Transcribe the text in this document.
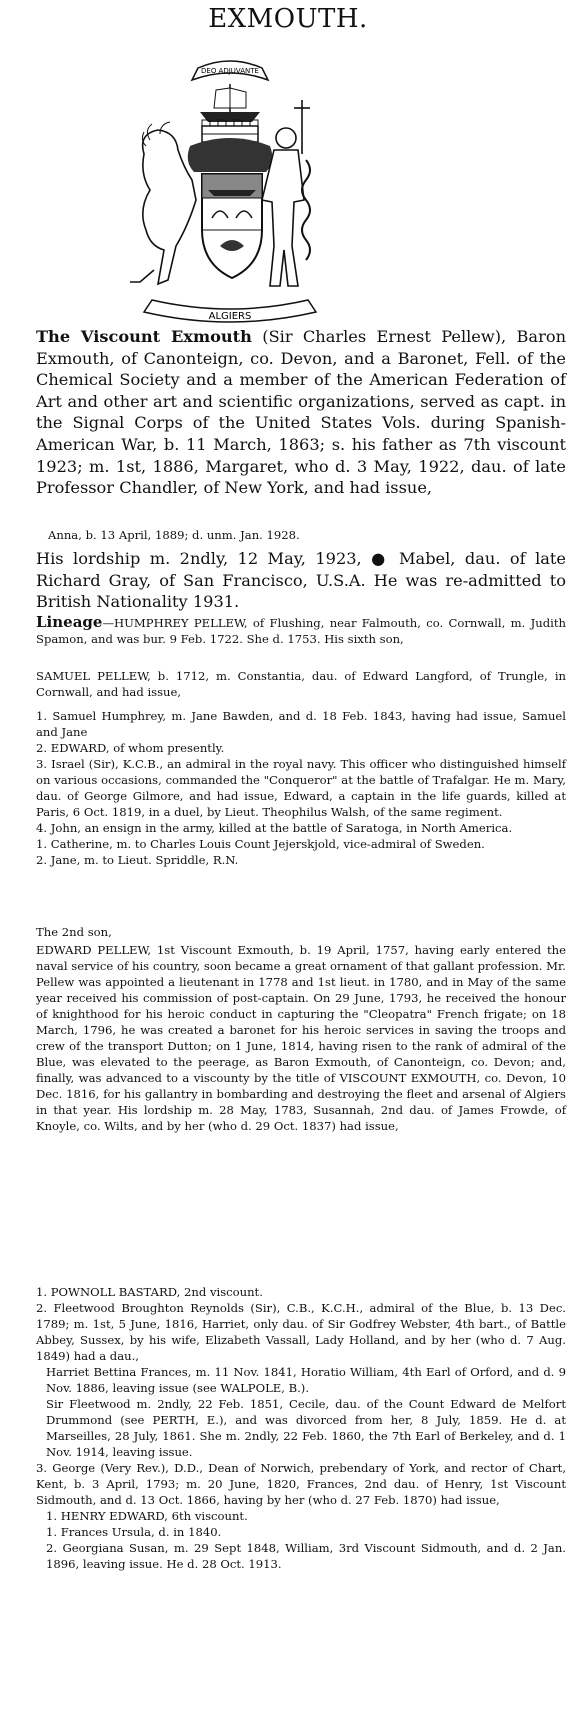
EXMOUTH.
DEO ADJUVANTE
ALGIERS

The Viscount Exmouth (Sir Charles Ernest Pellew), Baron Exmouth, of Canonteign, co. Devon, and a Baronet, Fell. of the Chemical Society and a member of the American Federation of Art and other art and scientific organizations, served as capt. in the Signal Corps of the United States Vols. during Spanish-American War, b. 11 March, 1863; s. his father as 7th viscount 1923; m. 1st, 1886, Margaret, who d. 3 May, 1922, dau. of late Professor Chandler, of New York, and had issue,

Anna, b. 13 April, 1889; d. unm. Jan. 1928.

His lordship m. 2ndly, 12 May, 1923, ● Mabel, dau. of late Richard Gray, of San Francisco, U.S.A. He was re-admitted to British Nationality 1931.

Lineage—HUMPHREY PELLEW, of Flushing, near Falmouth, co. Cornwall, m. Judith Spamon, and was bur. 9 Feb. 1722. She d. 1753. His sixth son,

SAMUEL PELLEW, b. 1712, m. Constantia, dau. of Edward Langford, of Trungle, in Cornwall, and had issue,

1. Samuel Humphrey, m. Jane Bawden, and d. 18 Feb. 1843, having had issue, Samuel and Jane
2. EDWARD, of whom presently.
3. Israel (Sir), K.C.B., an admiral in the royal navy. This officer who distinguished himself on various occasions, commanded the "Conqueror" at the battle of Trafalgar. He m. Mary, dau. of George Gilmore, and had issue, Edward, a captain in the life guards, killed at Paris, 6 Oct. 1819, in a duel, by Lieut. Theophilus Walsh, of the same regiment.
4. John, an ensign in the army, killed at the battle of Saratoga, in North America.
1. Catherine, m. to Charles Louis Count Jejerskjold, vice-admiral of Sweden.
2. Jane, m. to Lieut. Spriddle, R.N.

The 2nd son,

EDWARD PELLEW, 1st Viscount Exmouth, b. 19 April, 1757, having early entered the naval service of his country, soon became a great ornament of that gallant profession. Mr. Pellew was appointed a lieutenant in 1778 and 1st lieut. in 1780, and in May of the same year received his commission of post-captain. On 29 June, 1793, he received the honour of knighthood for his heroic conduct in capturing the "Cleopatra" French frigate; on 18 March, 1796, he was created a baronet for his heroic services in saving the troops and crew of the transport Dutton; on 1 June, 1814, having risen to the rank of admiral of the Blue, was elevated to the peerage, as Baron Exmouth, of Canonteign, co. Devon; and, finally, was advanced to a viscounty by the title of VISCOUNT EXMOUTH, co. Devon, 10 Dec. 1816, for his gallantry in bombarding and destroying the fleet and arsenal of Algiers in that year. His lordship m. 28 May, 1783, Susannah, 2nd dau. of James Frowde, of Knoyle, co. Wilts, and by her (who d. 29 Oct. 1837) had issue,

1. POWNOLL BASTARD, 2nd viscount.
2. Fleetwood Broughton Reynolds (Sir), C.B., K.C.H., admiral of the Blue, b. 13 Dec. 1789; m. 1st, 5 June, 1816, Harriet, only dau. of Sir Godfrey Webster, 4th bart., of Battle Abbey, Sussex, by his wife, Elizabeth Vassall, Lady Holland, and by her (who d. 7 Aug. 1849) had a dau.,
Harriet Bettina Frances, m. 11 Nov. 1841, Horatio William, 4th Earl of Orford, and d. 9 Nov. 1886, leaving issue (see WALPOLE, B.).
Sir Fleetwood m. 2ndly, 22 Feb. 1851, Cecile, dau. of the Count Edward de Melfort Drummond (see PERTH, E.), and was divorced from her, 8 July, 1859. He d. at Marseilles, 28 July, 1861. She m. 2ndly, 22 Feb. 1860, the 7th Earl of Berkeley, and d. 1 Nov. 1914, leaving issue.
3. George (Very Rev.), D.D., Dean of Norwich, prebendary of York, and rector of Chart, Kent, b. 3 April, 1793; m. 20 June, 1820, Frances, 2nd dau. of Henry, 1st Viscount Sidmouth, and d. 13 Oct. 1866, having by her (who d. 27 Feb. 1870) had issue,
1. HENRY EDWARD, 6th viscount.
1. Frances Ursula, d. in 1840.
2. Georgiana Susan, m. 29 Sept 1848, William, 3rd Viscount Sidmouth, and d. 2 Jan. 1896, leaving issue. He d. 28 Oct. 1913.
